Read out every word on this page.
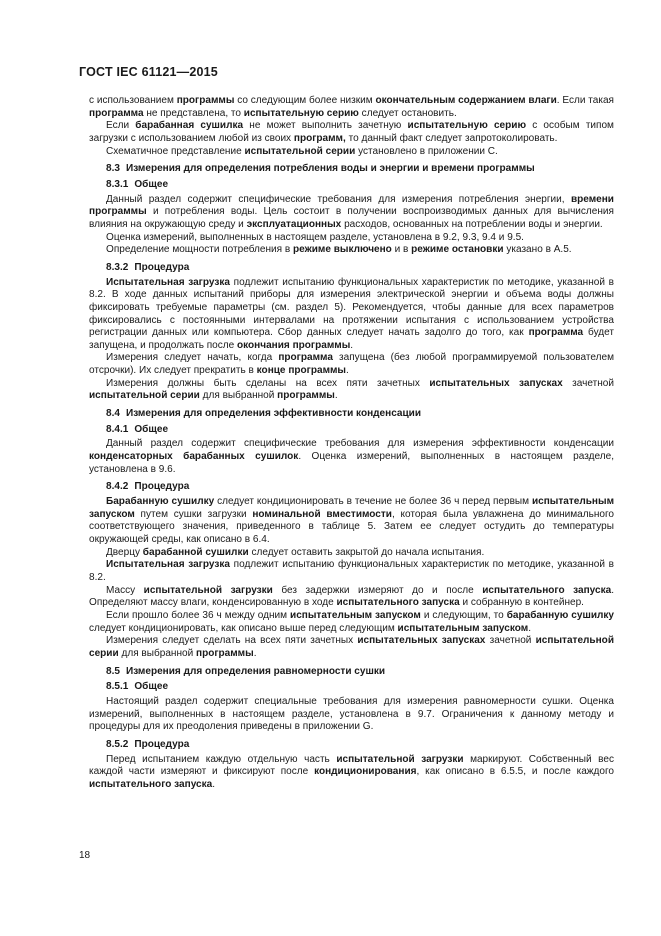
ГОСТ IEC 61121—2015

с использованием программы со следующим более низким окончательным содержанием влаги. Если такая программа не представлена, то испытательную серию следует остановить.

Если барабанная сушилка не может выполнить зачетную испытательную серию с особым типом загрузки с использованием любой из своих программ, то данный факт следует запротоколировать.

Схематичное представление испытательной серии установлено в приложении С.

8.3 Измерения для определения потребления воды и энергии и времени программы
8.3.1 Общее

Данный раздел содержит специфические требования для измерения потребления энергии, времени программы и потребления воды. Цель состоит в получении воспроизводимых данных для вычисления влияния на окружающую среду и эксплуатационных расходов, основанных на потреблении воды и энергии.

Оценка измерений, выполненных в настоящем разделе, установлена в 9.2, 9.3, 9.4 и 9.5.

Определение мощности потребления в режиме выключено и в режиме остановки указано в А.5.

8.3.2 Процедура

Испытательная загрузка подлежит испытанию функциональных характеристик по методике, указанной в 8.2. В ходе данных испытаний приборы для измерения электрической энергии и объема воды должны фиксировать требуемые параметры (см. раздел 5). Рекомендуется, чтобы данные для всех параметров фиксировались с постоянными интервалами на протяжении испытания с использованием устройства регистрации данных или компьютера. Сбор данных следует начать задолго до того, как программа будет запущена, и продолжать после окончания программы.

Измерения следует начать, когда программа запущена (без любой программируемой пользователем отсрочки). Их следует прекратить в конце программы.

Измерения должны быть сделаны на всех пяти зачетных испытательных запусках зачетной испытательной серии для выбранной программы.

8.4 Измерения для определения эффективности конденсации
8.4.1 Общее

Данный раздел содержит специфические требования для измерения эффективности конденсации конденсаторных барабанных сушилок. Оценка измерений, выполненных в настоящем разделе, установлена в 9.6.

8.4.2 Процедура

Барабанную сушилку следует кондиционировать в течение не более 36 ч перед первым испытательным запуском путем сушки загрузки номинальной вместимости, которая была увлажнена до минимального соответствующего значения, приведенного в таблице 5. Затем ее следует остудить до температуры окружающей среды, как описано в 6.4.

Дверцу барабанной сушилки следует оставить закрытой до начала испытания.

Испытательная загрузка подлежит испытанию функциональных характеристик по методике, указанной в 8.2.

Массу испытательной загрузки без задержки измеряют до и после испытательного запуска. Определяют массу влаги, конденсированную в ходе испытательного запуска и собранную в контейнер.

Если прошло более 36 ч между одним испытательным запуском и следующим, то барабанную сушилку следует кондиционировать, как описано выше перед следующим испытательным запуском.

Измерения следует сделать на всех пяти зачетных испытательных запусках зачетной испытательной серии для выбранной программы.

8.5 Измерения для определения равномерности сушки
8.5.1 Общее

Настоящий раздел содержит специальные требования для измерения равномерности сушки. Оценка измерений, выполненных в настоящем разделе, установлена в 9.7. Ограничения к данному методу и процедуры для их преодоления приведены в приложении G.

8.5.2 Процедура

Перед испытанием каждую отдельную часть испытательной загрузки маркируют. Собственный вес каждой части измеряют и фиксируют после кондиционирования, как описано в 6.5.5, и после каждого испытательного запуска.

18
